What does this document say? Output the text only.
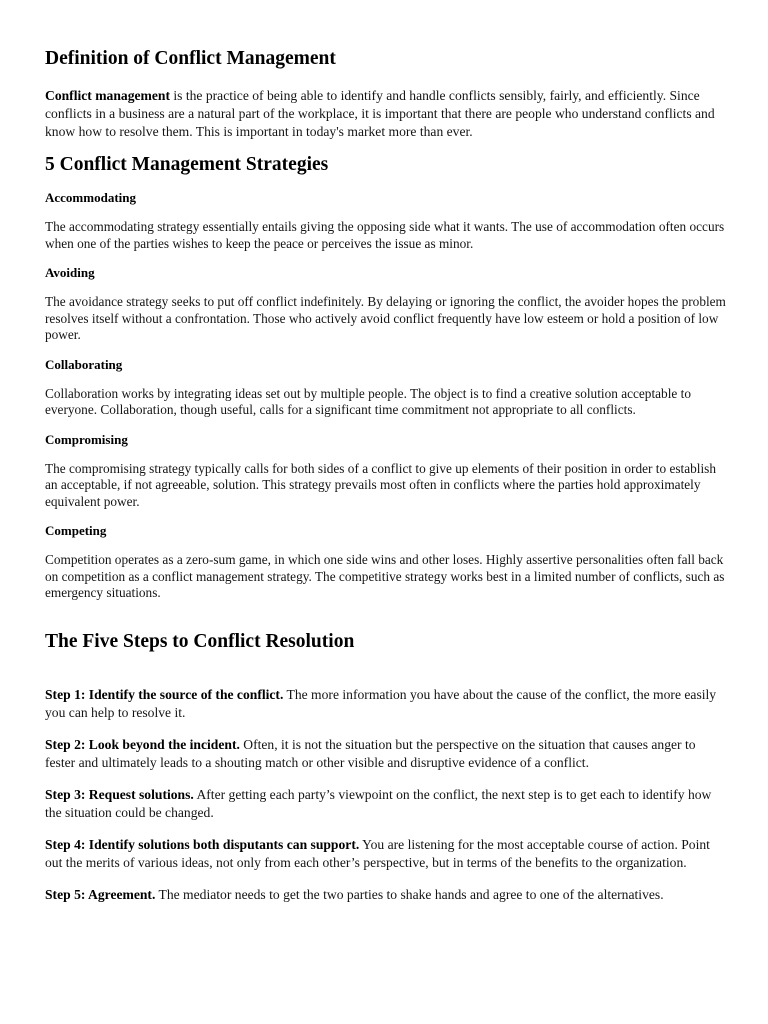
Definition of Conflict Management

Conflict management is the practice of being able to identify and handle conflicts sensibly, fairly, and efficiently. Since conflicts in a business are a natural part of the workplace, it is important that there are people who understand conflicts and know how to resolve them. This is important in today's market more than ever.

5 Conflict Management Strategies
Accommodating

The accommodating strategy essentially entails giving the opposing side what it wants. The use of accommodation often occurs when one of the parties wishes to keep the peace or perceives the issue as minor.

Avoiding

The avoidance strategy seeks to put off conflict indefinitely. By delaying or ignoring the conflict, the avoider hopes the problem resolves itself without a confrontation. Those who actively avoid conflict frequently have low esteem or hold a position of low power.

Collaborating

Collaboration works by integrating ideas set out by multiple people. The object is to find a creative solution acceptable to everyone. Collaboration, though useful, calls for a significant time commitment not appropriate to all conflicts.

Compromising

The compromising strategy typically calls for both sides of a conflict to give up elements of their position in order to establish an acceptable, if not agreeable, solution. This strategy prevails most often in conflicts where the parties hold approximately equivalent power.

Competing

Competition operates as a zero-sum game, in which one side wins and other loses. Highly assertive personalities often fall back on competition as a conflict management strategy. The competitive strategy works best in a limited number of conflicts, such as emergency situations.

The Five Steps to Conflict Resolution

Step 1: Identify the source of the conflict. The more information you have about the cause of the conflict, the more easily you can help to resolve it.

Step 2: Look beyond the incident. Often, it is not the situation but the perspective on the situation that causes anger to fester and ultimately leads to a shouting match or other visible and disruptive evidence of a conflict.

Step 3: Request solutions. After getting each party’s viewpoint on the conflict, the next step is to get each to identify how the situation could be changed.

Step 4: Identify solutions both disputants can support. You are listening for the most acceptable course of action. Point out the merits of various ideas, not only from each other’s perspective, but in terms of the benefits to the organization.

Step 5: Agreement. The mediator needs to get the two parties to shake hands and agree to one of the alternatives.
